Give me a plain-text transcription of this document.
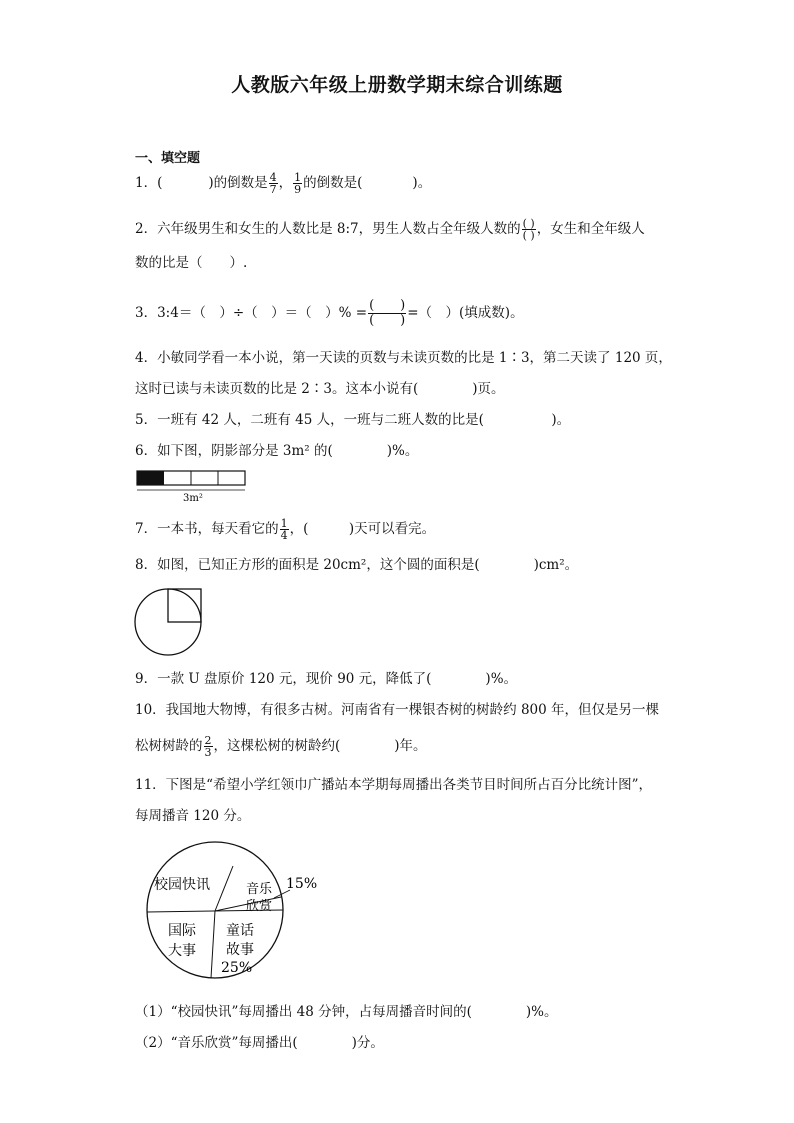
人教版六年级上册数学期末综合训练题
一、填空题
1．(	)的倒数是 $\frac{4}{7}$ ， $\frac{1}{9}$ 的倒数是(	)。
2．六年级男生和女生的人数比是 8:7，男生人数占全年级人数的 $\frac{( )}{( )}$ ，女生和全年级人
数的比是（　　）.
3．3:4＝（　）÷（　）＝（　）% = $\frac{( )}{( )}$ =（　）(填成数)。
4．小敏同学看一本小说，第一天读的页数与未读页数的比是 1∶3，第二天读了 120 页，
这时已读与未读页数的比是 2∶3。这本小说有(　　　　)页。
5．一班有 42 人，二班有 45 人，一班与二班人数的比是(　　　　　)。
6．如下图，阴影部分是 3m² 的(　　　　)%。
3m²
7．一本书，每天看它的 $\frac{1}{4}$ ，(　　　)天可以看完。
8．如图，已知正方形的面积是 20cm²，这个圆的面积是(　　　　)cm²。
9．一款 U 盘原价 120 元，现价 90 元，降低了(　　　　)%。
10．我国地大物博，有很多古树。河南省有一棵银杏树的树龄约 800 年，但仅是另一棵
松树树龄的 $\frac{2}{3}$ ，这棵松树的树龄约(　　　　)年。
11．下图是“希望小学红领巾广播站本学期每周播出各类节目时间所占百分比统计图”，
每周播音 120 分。
校园快讯	音乐
欣赏
15%
国际
大事
童话
故事
25%
（1）“校园快讯”每周播出 48 分钟，占每周播音时间的(　　　　)%。
（2）“音乐欣赏”每周播出(　　　　)分。
